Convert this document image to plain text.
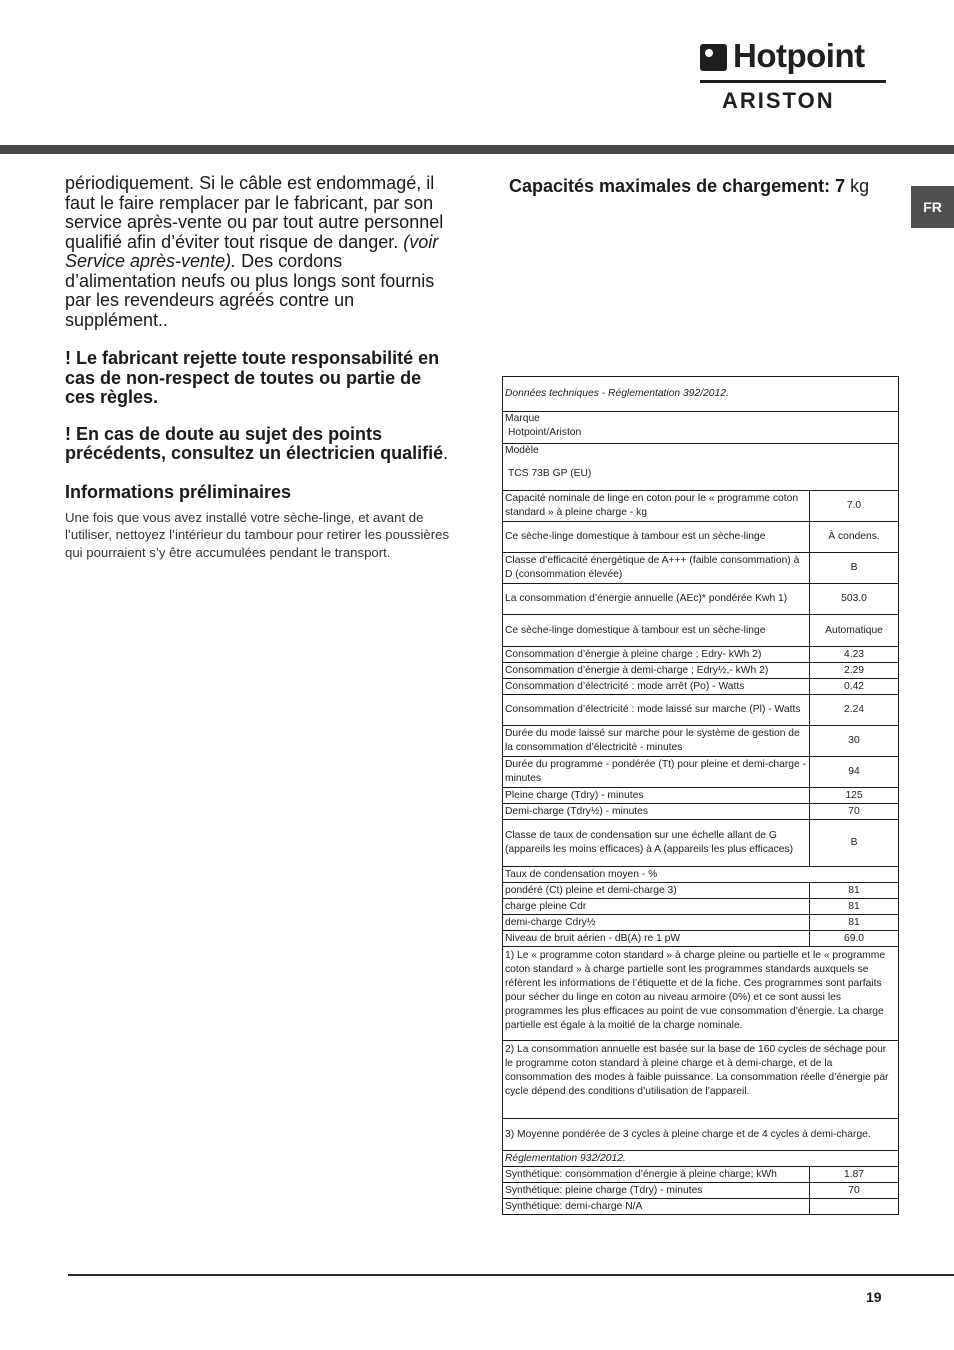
Hotpoint
ARISTON
FR

périodiquement. Si le câble est endommagé, il faut le faire remplacer par le fabricant, par son service après-vente ou par tout autre personnel qualifié afin d’éviter tout risque de danger. (voir Service après-vente). Des cordons d’alimentation neufs ou plus longs sont fournis par les revendeurs agréés contre un supplément..

! Le fabricant rejette toute responsabilité en cas de non-respect de toutes ou partie de ces règles.

! En cas de doute au sujet des points précédents, consultez un électricien qualifié.

Informations préliminaires

Une fois que vous avez installé votre sèche-linge, et avant de l’utiliser, nettoyez l’intérieur du tambour pour retirer les poussières qui pourraient s’y être accumulées pendant le transport.

Capacités maximales de chargement: 7 kg
Données techniques - Réglementation 392/2012.	

Marque
Hotpoint/Ariston	

Modèle
TCS 73B GP (EU)	

Capacité nominale de linge en coton pour le « programme coton standard » à pleine charge - kg	7.0
Ce sèche-linge domestique à tambour est un sèche-linge	À condens.
Classe d’efficacité énergétique de A+++ (faible consommation) à D (consommation élevée)	B
La consommation d’énergie annuelle (AEc)* pondérée Kwh 1)	503.0
Ce sèche-linge domestique à tambour est un sèche-linge	Automatique
Consommation d’énergie à pleine charge ; Edry- kWh 2)	4.23
Consommation d’énergie à demi-charge ; Edry½,- kWh 2)	2.29
Consommation d’électricité : mode arrêt (Po) - Watts	0.42
Consommation d’électricité : mode laissé sur marche (Pl) - Watts	2.24
Durée du mode laissé sur marche pour le système de gestion de la consommation d’électricité - minutes	30
Durée du programme - pondérée (Tt) pour pleine et demi-charge - minutes	94
Pleine charge (Tdry) - minutes	125
Demi-charge (Tdry½) - minutes	70
Classe de taux de condensation sur une échelle allant de G (appareils les moins efficaces) à A (appareils les plus efficaces)	B
Taux de condensation moyen - %	
pondéré (Ct) pleine et demi-charge 3)	81
charge pleine Cdr	81
demi-charge Cdry½	81
Niveau de bruit aérien - dB(A) re 1 pW	69.0
1) Le « programme coton standard » à charge pleine ou partielle et le « programme coton standard » à charge partielle sont les programmes standards auxquels se réfèrent les informations de l’étiquette et de la fiche. Ces programmes sont parfaits pour sécher du linge en coton au niveau armoire (0%) et ce sont aussi les programmes les plus efficaces au point de vue consommation d’énergie. La charge partielle est égale à la moitié de la charge nominale.	
2) La consommation annuelle est basée sur la base de 160 cycles de séchage pour le programme coton standard à pleine charge et à demi-charge, et de la consommation des modes à faible puissance. La consommation réelle d’énergie par cycle dépend des conditions d’utilisation de l’appareil.	
3) Moyenne pondérée de 3 cycles à pleine charge et de 4 cycles à demi-charge.	
Réglementation 932/2012.	
Synthétique: consommation d’énergie à pleine charge; kWh	1.87
Synthétique: pleine charge (Tdry) - minutes	70
Synthétique: demi-charge N/A	
19
